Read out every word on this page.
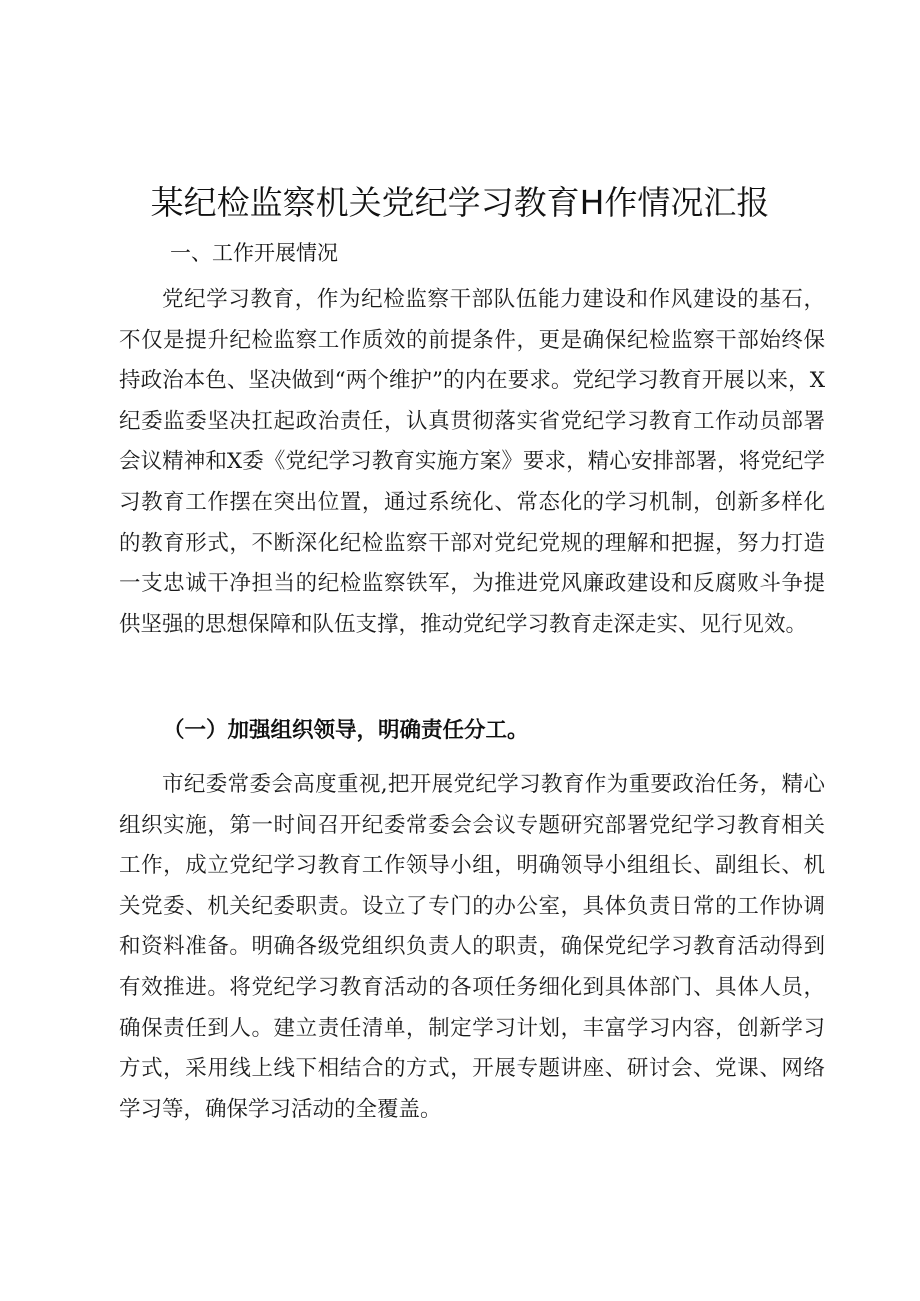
某纪检监察机关党纪学习教育H作情况汇报
一、工作开展情况

党纪学习教育，作为纪检监察干部队伍能力建设和作风建设的基石，不仅是提升纪检监察工作质效的前提条件，更是确保纪检监察干部始终保持政治本色、坚决做到“两个维护”的内在要求。党纪学习教育开展以来，X纪委监委坚决扛起政治责任，认真贯彻落实省党纪学习教育工作动员部署会议精神和X委《党纪学习教育实施方案》要求，精心安排部署，将党纪学习教育工作摆在突出位置，通过系统化、常态化的学习机制，创新多样化的教育形式，不断深化纪检监察干部对党纪党规的理解和把握，努力打造一支忠诚干净担当的纪检监察铁军，为推进党风廉政建设和反腐败斗争提供坚强的思想保障和队伍支撑，推动党纪学习教育走深走实、见行见效。

（一）加强组织领导，明确责任分工。

市纪委常委会高度重视,把开展党纪学习教育作为重要政治任务，精心组织实施，第一时间召开纪委常委会会议专题研究部署党纪学习教育相关工作，成立党纪学习教育工作领导小组，明确领导小组组长、副组长、机关党委、机关纪委职责。设立了专门的办公室，具体负责日常的工作协调和资料准备。明确各级党组织负责人的职责，确保党纪学习教育活动得到有效推进。将党纪学习教育活动的各项任务细化到具体部门、具体人员，确保责任到人。建立责任清单，制定学习计划，丰富学习内容，创新学习方式，采用线上线下相结合的方式，开展专题讲座、研讨会、党课、网络学习等，确保学习活动的全覆盖。
